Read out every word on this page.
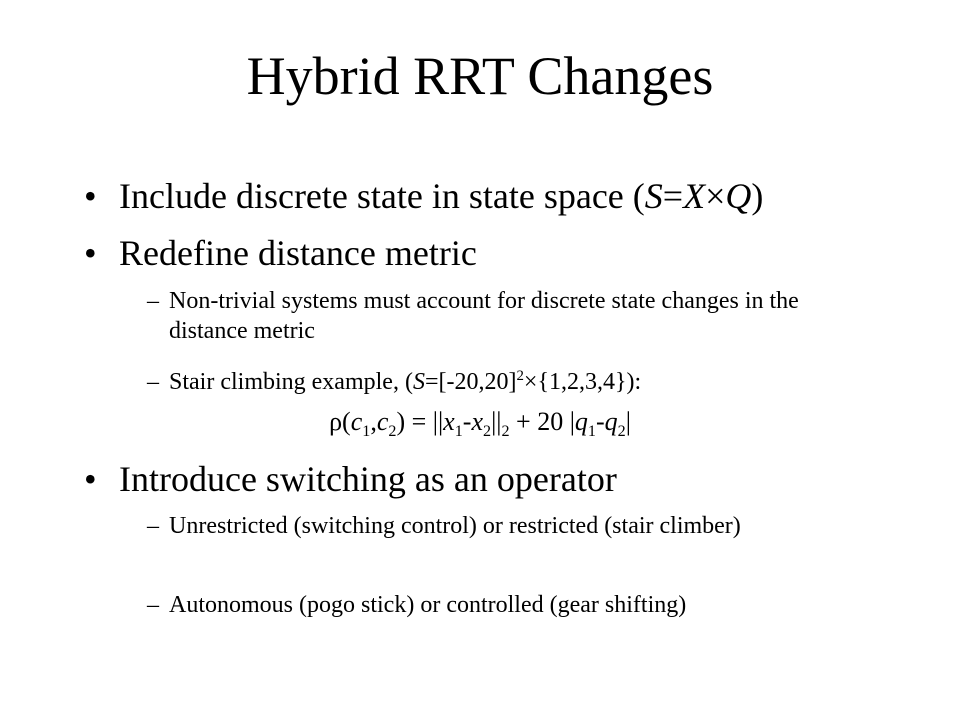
Hybrid RRT Changes
• Include discrete state in state space (S=X×Q)
• Redefine distance metric
– Non-trivial systems must account for discrete state changes in the distance metric
– Stair climbing example, $(S=[-20,20]^2\times\{1,2,3,4\})$:
$\rho(c_1,c_2) = ||x_1-x_2||_2 + 20$ $|q_1-q_2|$
• Introduce switching as an operator
– Unrestricted (switching control) or restricted (stair climber)
– Autonomous (pogo stick) or controlled (gear shifting)
